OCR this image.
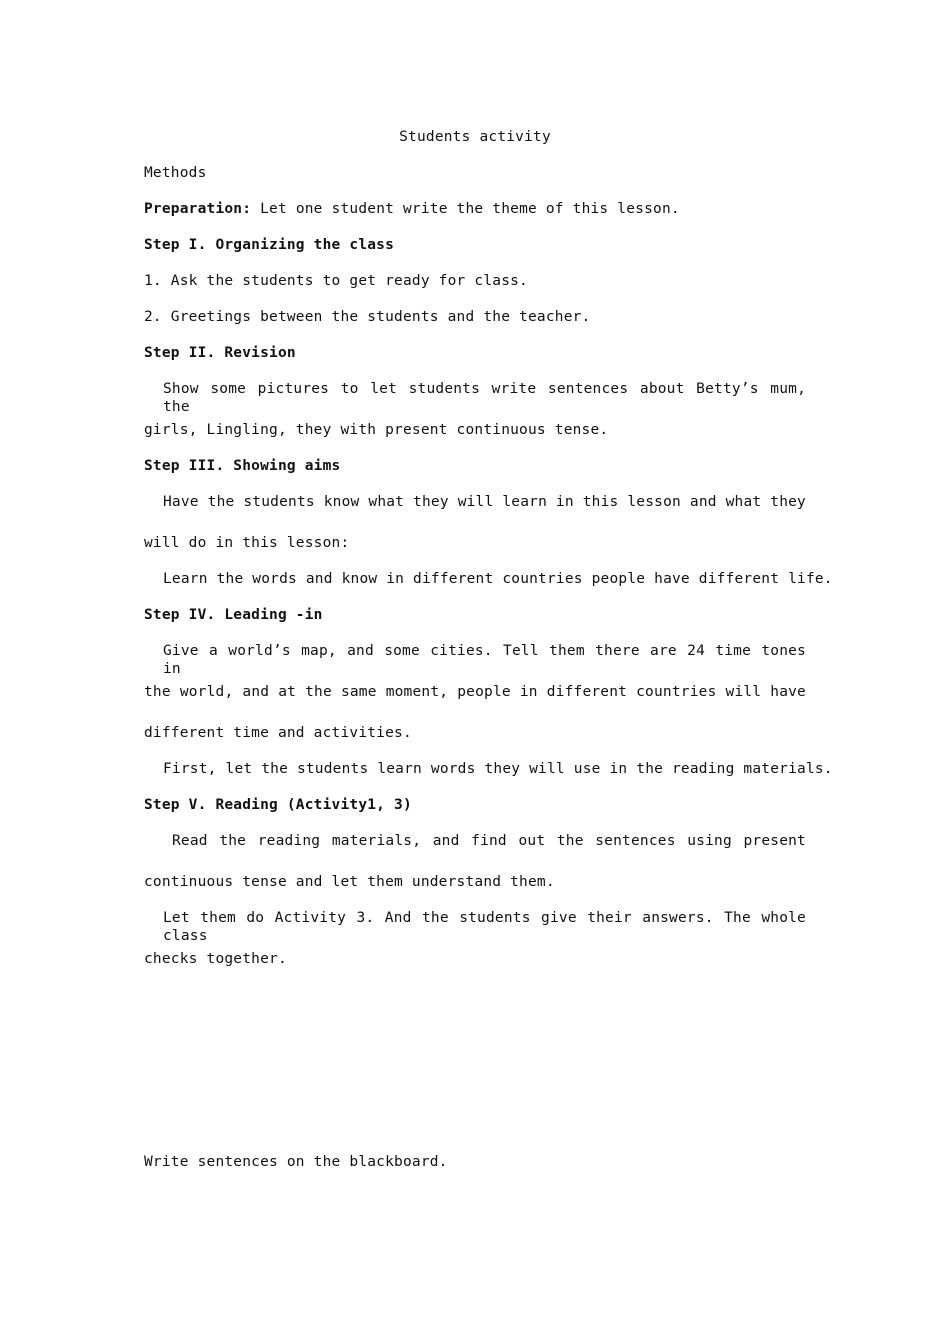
Students activity
Methods
Preparation: Let one student write the theme of this lesson.
Step I. Organizing the class
1. Ask the students to get ready for class.
2. Greetings between the students and the teacher.
Step II. Revision
Show some pictures to let students write sentences about Betty’s mum, the
girls, Lingling, they with present continuous tense.
Step III. Showing aims
Have the students know what they will learn in this lesson and what they
will do in this lesson:
Learn the words and know in different countries people have different life.
Step IV. Leading -in
Give a world’s map, and some cities. Tell them there are 24 time tones in
the world, and at the same moment, people in different countries will have
different time and activities.
First, let the students learn words they will use in the reading materials.
Step V. Reading (Activity1, 3)
Read the reading materials, and find out the sentences using present
continuous tense and let them understand them.
Let them do Activity 3. And the students give their answers. The whole class
checks together.
Write sentences on the blackboard.
